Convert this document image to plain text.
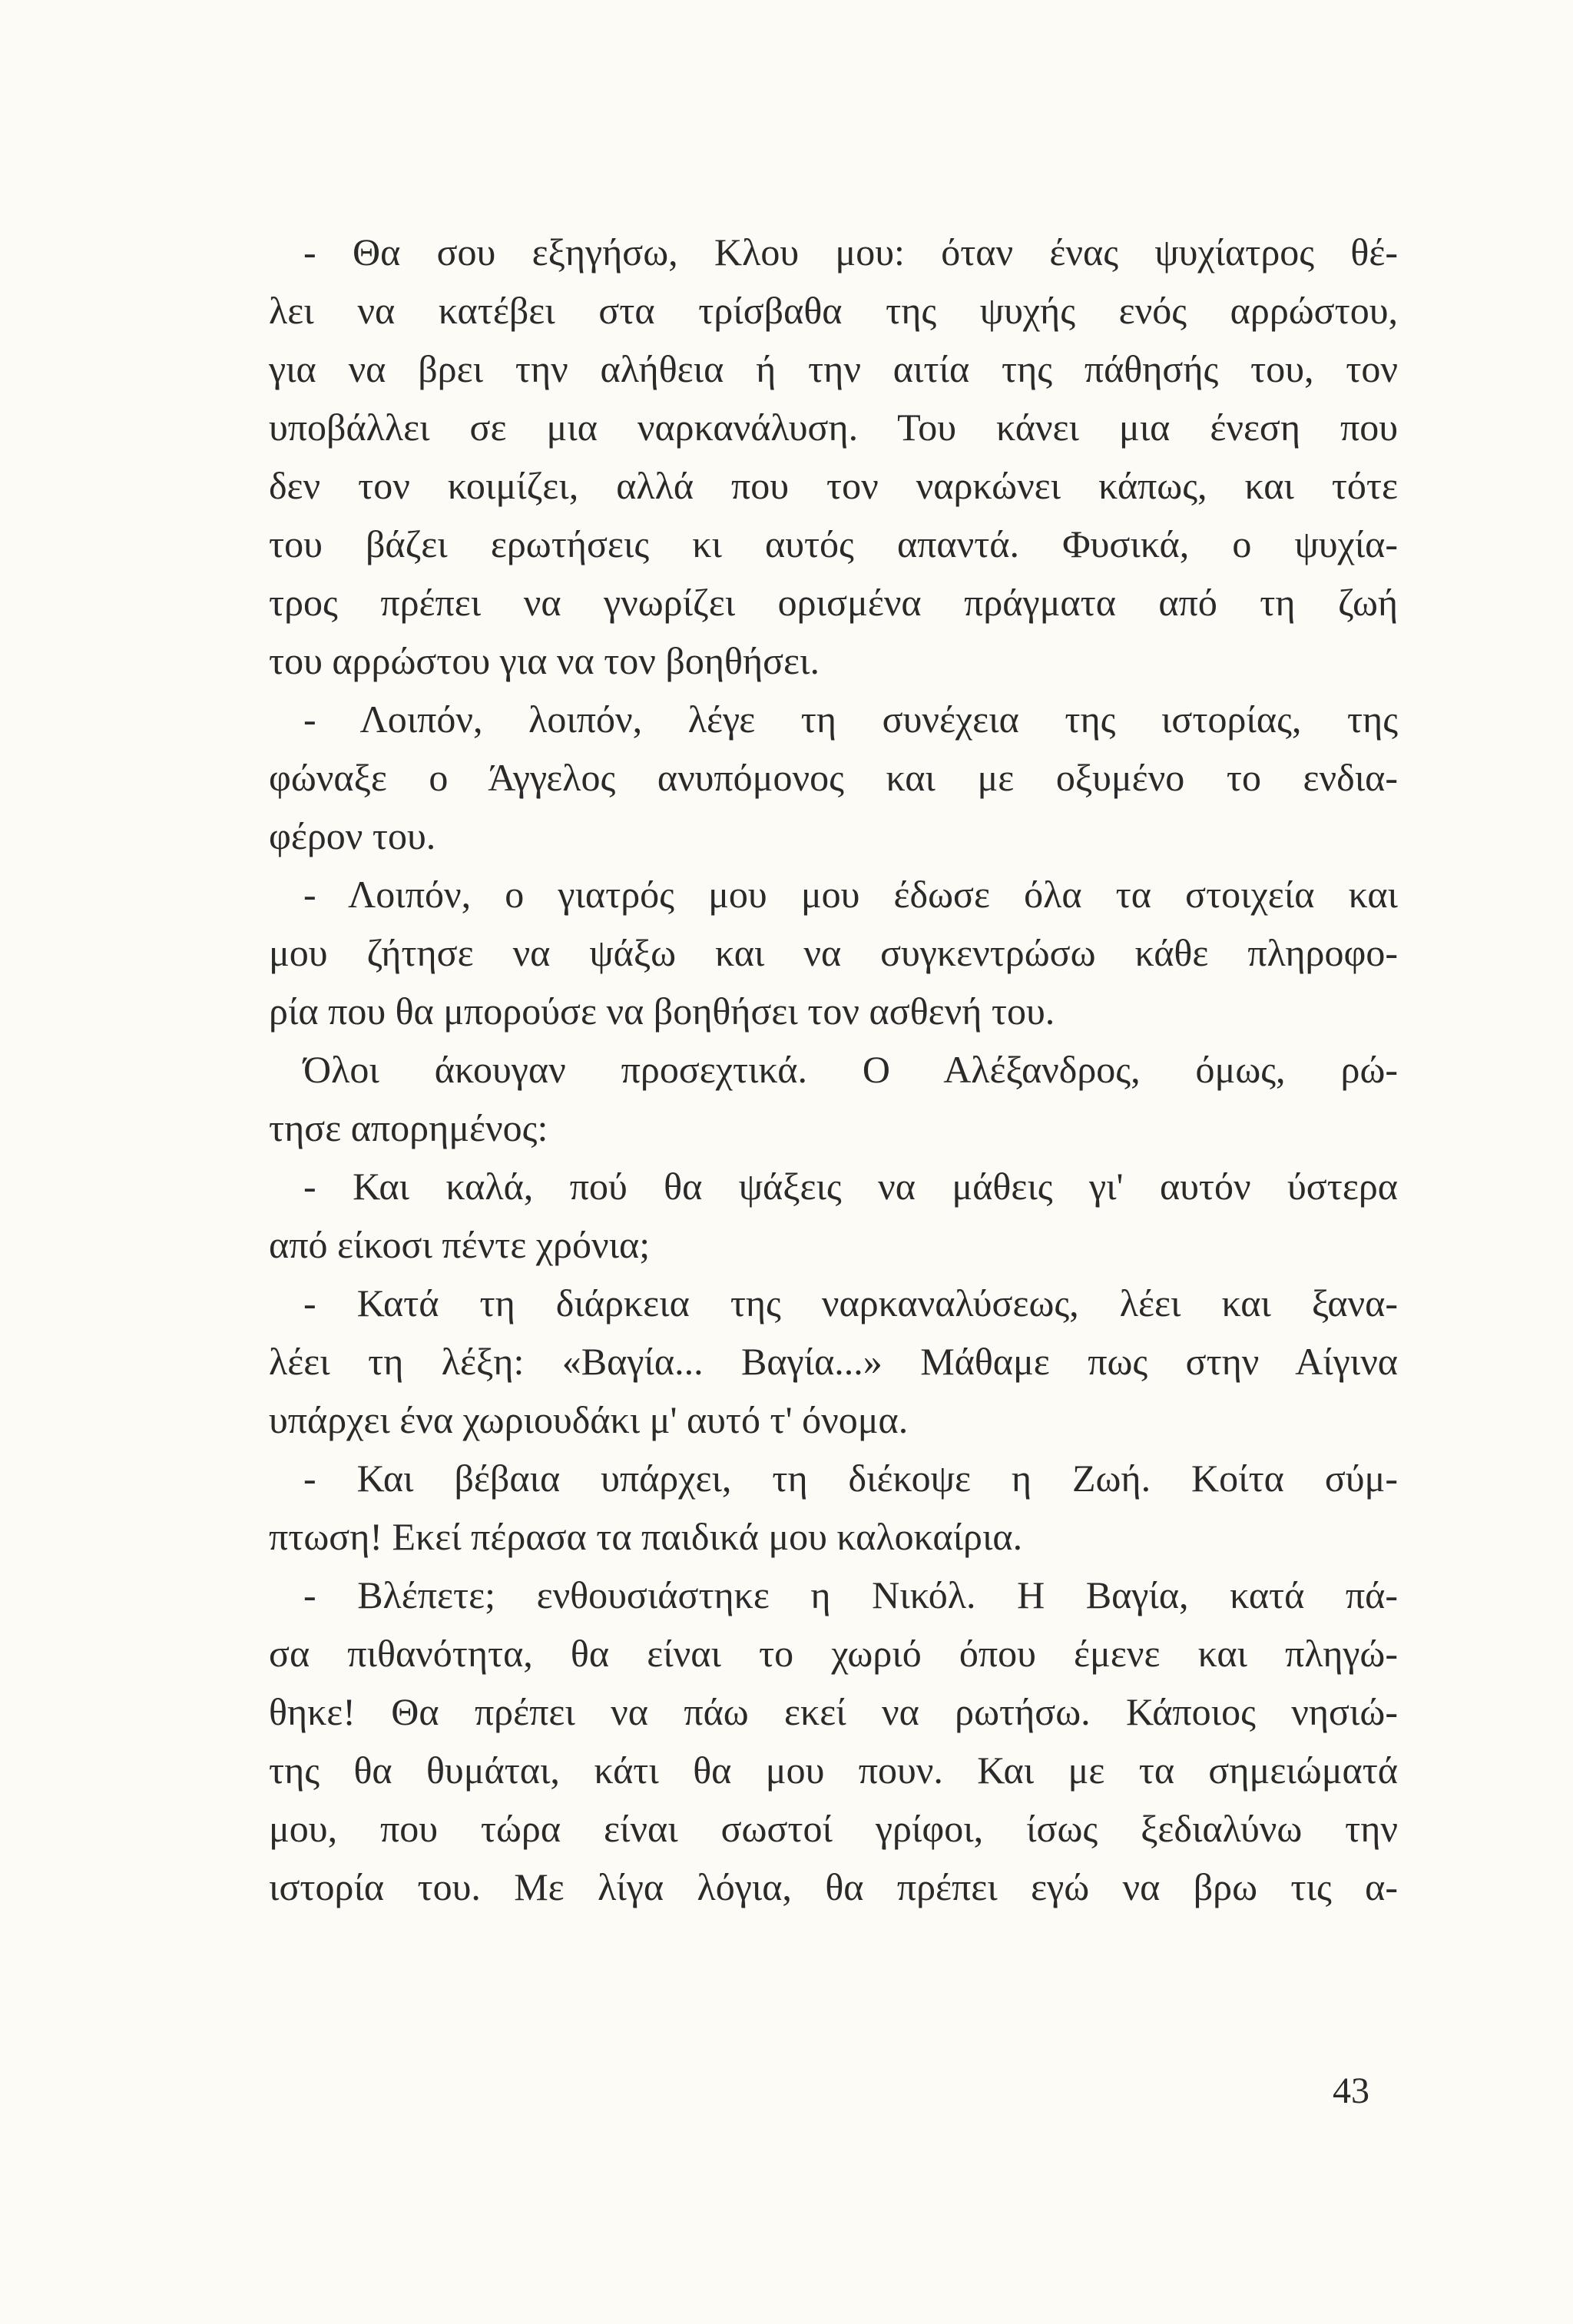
- Θα σου εξηγήσω, Κλου μου: όταν ένας ψυχίατρος θέ-
λει να κατέβει στα τρίσβαθα της ψυχής ενός αρρώστου,
για να βρει την αλήθεια ή την αιτία της πάθησής του, τον
υποβάλλει σε μια ναρκανάλυση. Του κάνει μια ένεση που
δεν τον κοιμίζει, αλλά που τον ναρκώνει κάπως, και τότε
του βάζει ερωτήσεις κι αυτός απαντά. Φυσικά, ο ψυχία-
τρος πρέπει να γνωρίζει ορισμένα πράγματα από τη ζωή
του αρρώστου για να τον βοηθήσει.
- Λοιπόν, λοιπόν, λέγε τη συνέχεια της ιστορίας, της
φώναξε ο Άγγελος ανυπόμονος και με οξυμένο το ενδια-
φέρον του.
- Λοιπόν, ο γιατρός μου μου έδωσε όλα τα στοιχεία και
μου ζήτησε να ψάξω και να συγκεντρώσω κάθε πληροφο-
ρία που θα μπορούσε να βοηθήσει τον ασθενή του.
Όλοι άκουγαν προσεχτικά. Ο Αλέξανδρος, όμως, ρώ-
τησε απορημένος:
- Και καλά, πού θα ψάξεις να μάθεις γι' αυτόν ύστερα
από είκοσι πέντε χρόνια;
- Κατά τη διάρκεια της ναρκαναλύσεως, λέει και ξανα-
λέει τη λέξη: «Βαγία... Βαγία...» Μάθαμε πως στην Αίγινα
υπάρχει ένα χωριουδάκι μ' αυτό τ' όνομα.
- Και βέβαια υπάρχει, τη διέκοψε η Ζωή. Κοίτα σύμ-
πτωση! Εκεί πέρασα τα παιδικά μου καλοκαίρια.
- Βλέπετε; ενθουσιάστηκε η Νικόλ. Η Βαγία, κατά πά-
σα πιθανότητα, θα είναι το χωριό όπου έμενε και πληγώ-
θηκε! Θα πρέπει να πάω εκεί να ρωτήσω. Κάποιος νησιώ-
της θα θυμάται, κάτι θα μου πουν. Και με τα σημειώματά
μου, που τώρα είναι σωστοί γρίφοι, ίσως ξεδιαλύνω την
ιστορία του. Με λίγα λόγια, θα πρέπει εγώ να βρω τις α-
43
